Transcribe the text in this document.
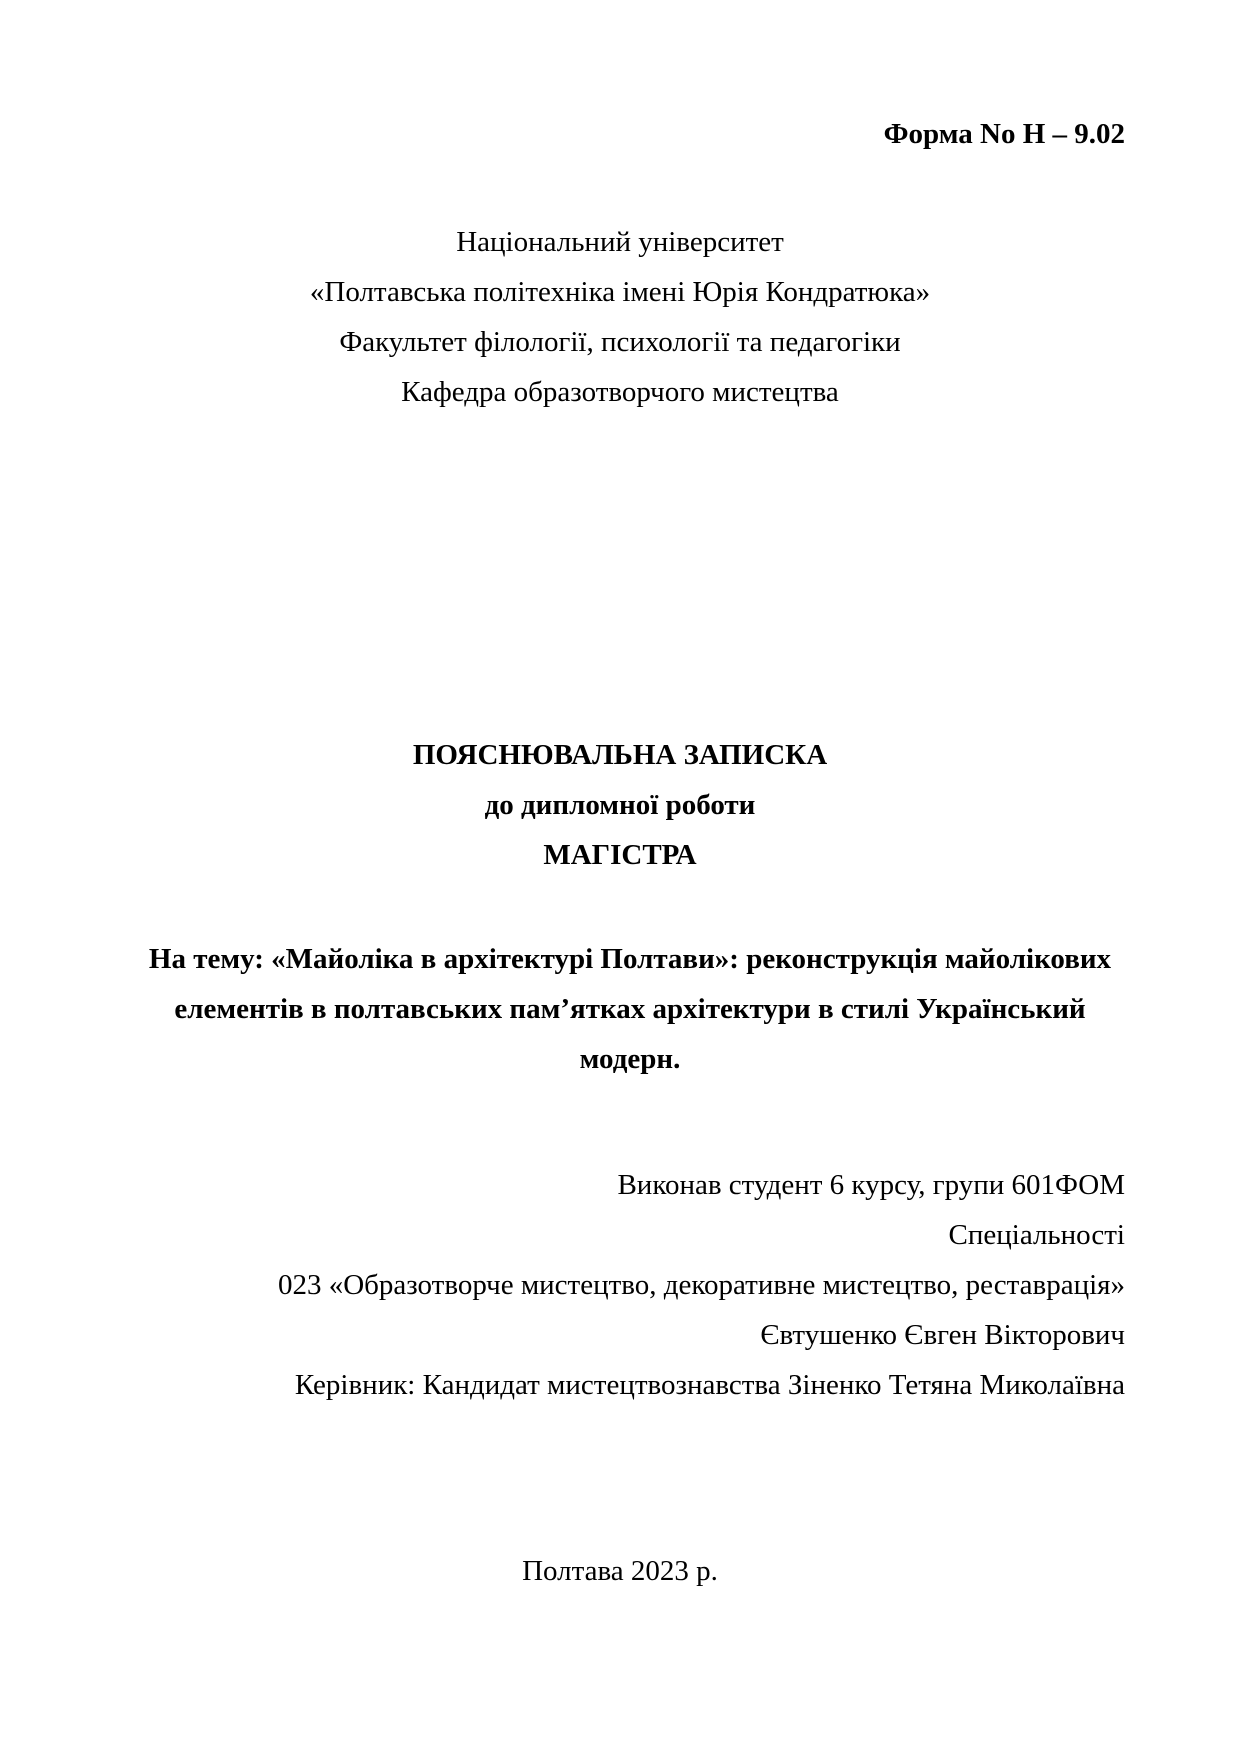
Форма No Н – 9.02
Національний університет
«Полтавська політехніка імені Юрія Кондратюка»
Факультет філології, психології та педагогіки
Кафедра образотворчого мистецтва
ПОЯСНЮВАЛЬНА ЗАПИСКА
до дипломної роботи
МАГІСТРА
На тему: «Майоліка в архітектурі Полтави»: реконструкція майолікових
елементів в полтавських пам’ятках архітектури в стилі Український
модерн.
Виконав студент 6 курсу, групи 601ФОМ
Спеціальності
023 «Образотворче мистецтво, декоративне мистецтво, реставрація»
Євтушенко Євген Вікторович
Керівник: Кандидат мистецтвознавства Зіненко Тетяна Миколаївна
Полтава 2023 р.
